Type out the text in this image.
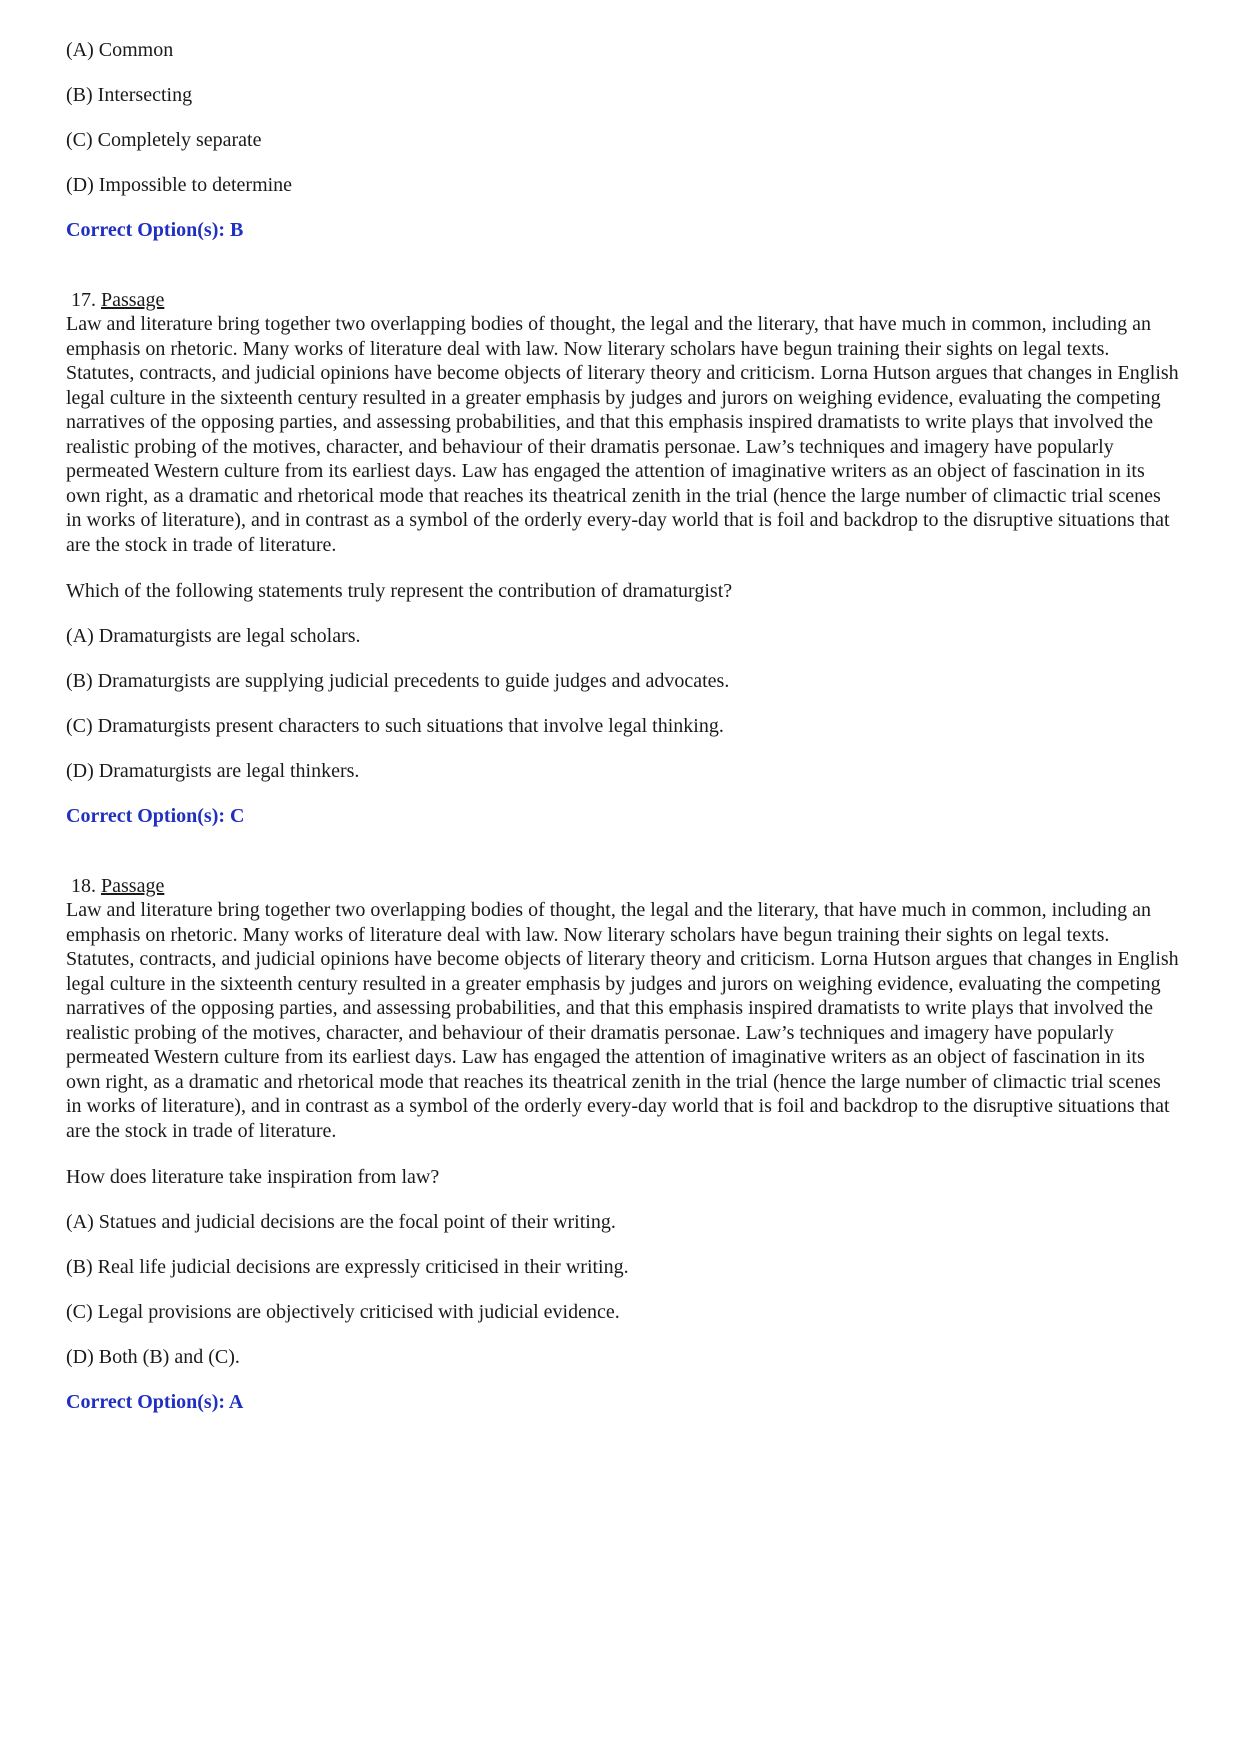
(A) Common

(B) Intersecting

(C) Completely separate

(D) Impossible to determine

Correct Option(s): B

17. Passage

Law and literature bring together two overlapping bodies of thought, the legal and the literary, that have much in common, including an emphasis on rhetoric. Many works of literature deal with law. Now literary scholars have begun training their sights on legal texts. Statutes, contracts, and judicial opinions have become objects of literary theory and criticism. Lorna Hutson argues that changes in English legal culture in the sixteenth century resulted in a greater emphasis by judges and jurors on weighing evidence, evaluating the competing narratives of the opposing parties, and assessing probabilities, and that this emphasis inspired dramatists to write plays that involved the realistic probing of the motives, character, and behaviour of their dramatis personae. Law’s techniques and imagery have popularly permeated Western culture from its earliest days. Law has engaged the attention of imaginative writers as an object of fascination in its own right, as a dramatic and rhetorical mode that reaches its theatrical zenith in the trial (hence the large number of climactic trial scenes in works of literature), and in contrast as a symbol of the orderly every-day world that is foil and backdrop to the disruptive situations that are the stock in trade of literature.

Which of the following statements truly represent the contribution of dramaturgist?

(A) Dramaturgists are legal scholars.

(B) Dramaturgists are supplying judicial precedents to guide judges and advocates.

(C) Dramaturgists present characters to such situations that involve legal thinking.

(D) Dramaturgists are legal thinkers.

Correct Option(s): C

18. Passage

Law and literature bring together two overlapping bodies of thought, the legal and the literary, that have much in common, including an emphasis on rhetoric. Many works of literature deal with law. Now literary scholars have begun training their sights on legal texts. Statutes, contracts, and judicial opinions have become objects of literary theory and criticism. Lorna Hutson argues that changes in English legal culture in the sixteenth century resulted in a greater emphasis by judges and jurors on weighing evidence, evaluating the competing narratives of the opposing parties, and assessing probabilities, and that this emphasis inspired dramatists to write plays that involved the realistic probing of the motives, character, and behaviour of their dramatis personae. Law’s techniques and imagery have popularly permeated Western culture from its earliest days. Law has engaged the attention of imaginative writers as an object of fascination in its own right, as a dramatic and rhetorical mode that reaches its theatrical zenith in the trial (hence the large number of climactic trial scenes in works of literature), and in contrast as a symbol of the orderly every-day world that is foil and backdrop to the disruptive situations that are the stock in trade of literature.

How does literature take inspiration from law?

(A) Statues and judicial decisions are the focal point of their writing.

(B) Real life judicial decisions are expressly criticised in their writing.

(C) Legal provisions are objectively criticised with judicial evidence.

(D) Both (B) and (C).

Correct Option(s): A
